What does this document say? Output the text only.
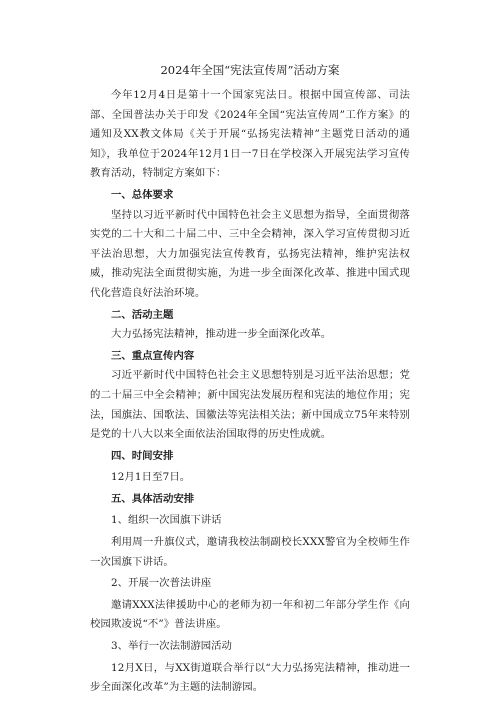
2024年全国“宪法宣传周”活动方案

今年12月4日是第十一个国家宪法日。根据中国宣传部、司法部、全国普法办关于印发《2024年全国“宪法宣传周”工作方案》的通知及XX教文体局《关于开展“弘扬宪法精神”主题党日活动的通知》，我单位于2024年12月1日一7日在学校深入开展宪法学习宣传教育活动，特制定方案如下：

一、总体要求

坚持以习近平新时代中国特色社会主义思想为指导，全面贯彻落实党的二十大和二十届二中、三中全会精神，深入学习宣传贯彻习近平法治思想，大力加强宪法宣传教育，弘扬宪法精神，维护宪法权威，推动宪法全面贯彻实施，为进一步全面深化改革、推进中国式现代化营造良好法治环境。

二、活动主题

大力弘扬宪法精神，推动进一步全面深化改革。

三、重点宣传内容

习近平新时代中国特色社会主义思想特别是习近平法治思想；党的二十届三中全会精神；新中国宪法发展历程和宪法的地位作用；宪法，国旗法、国歌法、国徽法等宪法相关法；新中国成立75年来特别是党的十八大以来全面依法治国取得的历史性成就。

四、时间安排

12月1日至7日。

五、具体活动安排
1、组织一次国旗下讲话

利用周一升旗仪式，邀请我校法制副校长XXX警官为全校师生作一次国旗下讲话。

2、开展一次普法讲座

邀请XXX法律援助中心的老师为初一年和初二年部分学生作《向校园欺凌说“不”》普法讲座。

3、举行一次法制游园活动

12月X日，与XX街道联合举行以“大力弘扬宪法精神，推动进一步全面深化改革”为主题的法制游园。
